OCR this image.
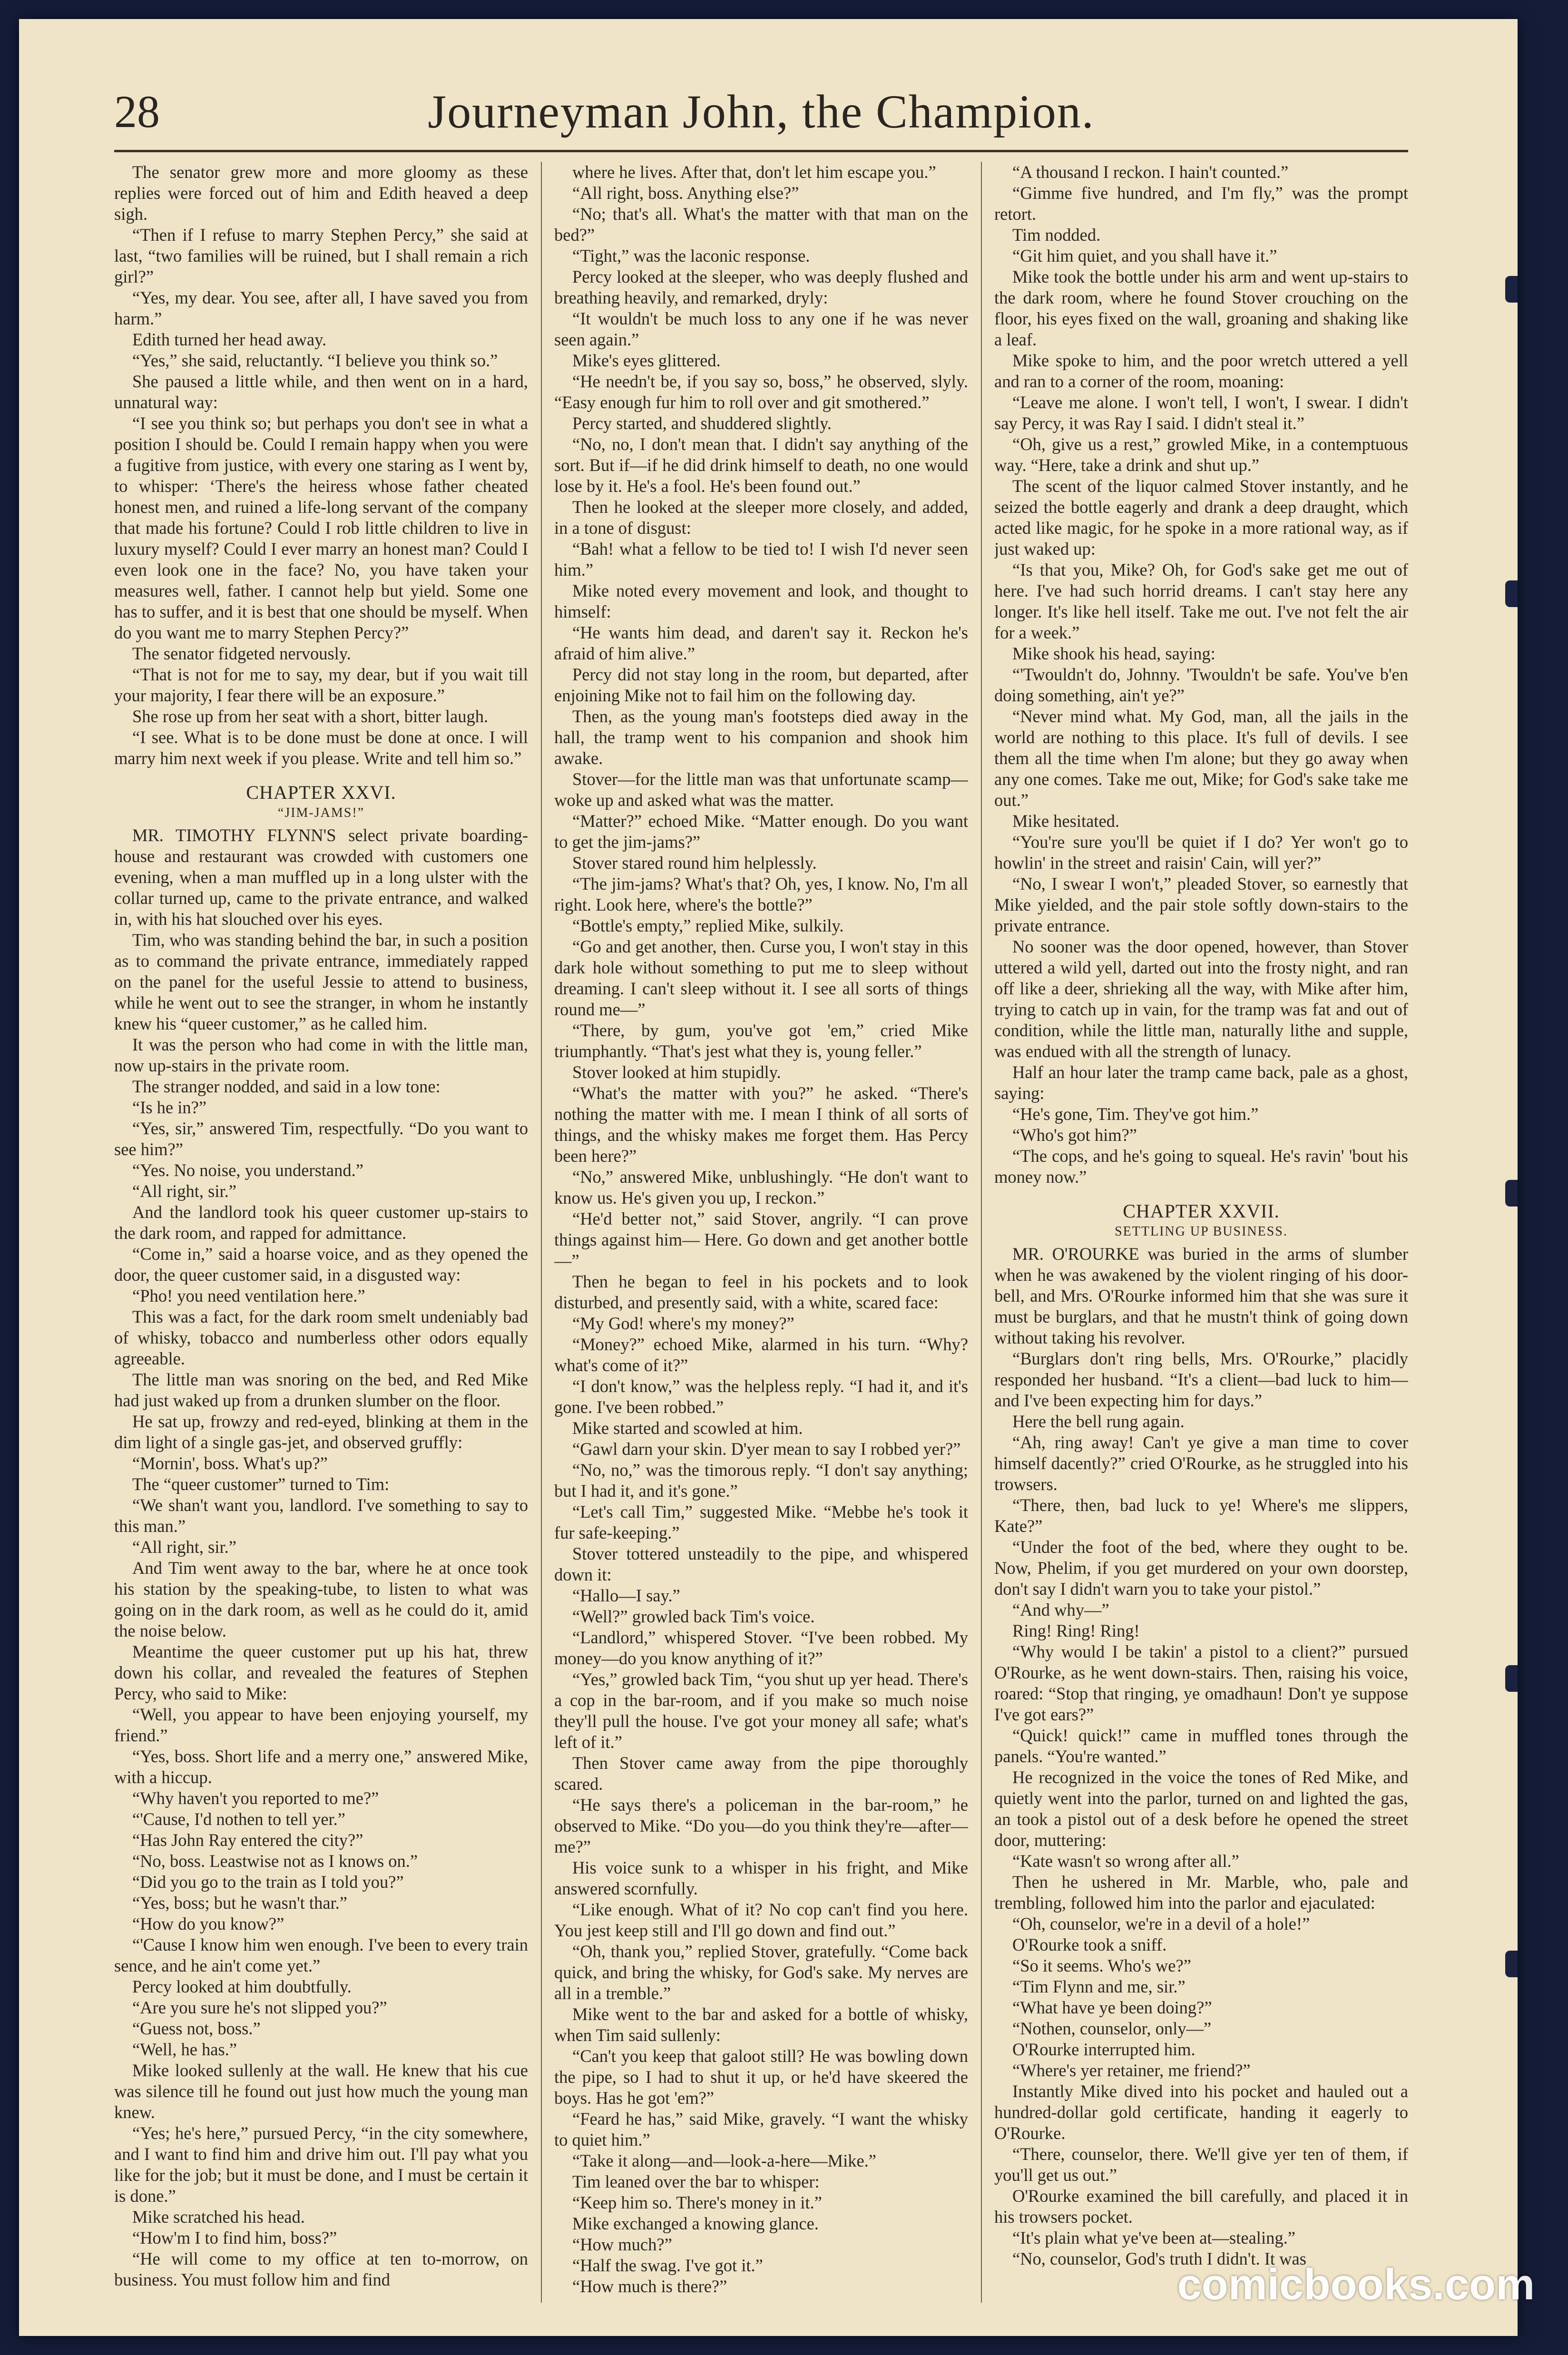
28	Journeyman John, the Champion.

The senator grew more and more gloomy as these replies were forced out of him and Edith heaved a deep sigh.

“Then if I refuse to marry Stephen Percy,” she said at last, “two families will be ruined, but I shall remain a rich girl?”

“Yes, my dear. You see, after all, I have saved you from harm.”

Edith turned her head away.

“Yes,” she said, reluctantly. “I believe you think so.”

She paused a little while, and then went on in a hard, unnatural way:

“I see you think so; but perhaps you don't see in what a position I should be. Could I remain happy when you were a fugitive from justice, with every one staring as I went by, to whisper: ‘There's the heiress whose father cheated honest men, and ruined a life-long servant of the company that made his fortune? Could I rob little children to live in luxury myself? Could I ever marry an honest man? Could I even look one in the face? No, you have taken your measures well, father. I cannot help but yield. Some one has to suffer, and it is best that one should be myself. When do you want me to marry Stephen Percy?”

The senator fidgeted nervously.

“That is not for me to say, my dear, but if you wait till your majority, I fear there will be an exposure.”

She rose up from her seat with a short, bitter laugh.

“I see. What is to be done must be done at once. I will marry him next week if you please. Write and tell him so.”

CHAPTER XXVI.
“JIM-JAMS!”

MR. TIMOTHY FLYNN'S select private boarding-house and restaurant was crowded with customers one evening, when a man muffled up in a long ulster with the collar turned up, came to the private entrance, and walked in, with his hat slouched over his eyes.

Tim, who was standing behind the bar, in such a position as to command the private entrance, immediately rapped on the panel for the useful Jessie to attend to business, while he went out to see the stranger, in whom he instantly knew his “queer customer,” as he called him.

It was the person who had come in with the little man, now up-stairs in the private room.

The stranger nodded, and said in a low tone:

“Is he in?”

“Yes, sir,” answered Tim, respectfully. “Do you want to see him?”

“Yes. No noise, you understand.”

“All right, sir.”

And the landlord took his queer customer up-stairs to the dark room, and rapped for admittance.

“Come in,” said a hoarse voice, and as they opened the door, the queer customer said, in a disgusted way:

“Pho! you need ventilation here.”

This was a fact, for the dark room smelt undeniably bad of whisky, tobacco and numberless other odors equally agreeable.

The little man was snoring on the bed, and Red Mike had just waked up from a drunken slumber on the floor.

He sat up, frowzy and red-eyed, blinking at them in the dim light of a single gas-jet, and observed gruffly:

“Mornin', boss. What's up?”

The “queer customer” turned to Tim:

“We shan't want you, landlord. I've something to say to this man.”

“All right, sir.”

And Tim went away to the bar, where he at once took his station by the speaking-tube, to listen to what was going on in the dark room, as well as he could do it, amid the noise below.

Meantime the queer customer put up his hat, threw down his collar, and revealed the features of Stephen Percy, who said to Mike:

“Well, you appear to have been enjoying yourself, my friend.”

“Yes, boss. Short life and a merry one,” answered Mike, with a hiccup.

“Why haven't you reported to me?”

“'Cause, I'd nothen to tell yer.”

“Has John Ray entered the city?”

“No, boss. Leastwise not as I knows on.”

“Did you go to the train as I told you?”

“Yes, boss; but he wasn't thar.”

“How do you know?”

“'Cause I know him wen enough. I've been to every train sence, and he ain't come yet.”

Percy looked at him doubtfully.

“Are you sure he's not slipped you?”

“Guess not, boss.”

“Well, he has.”

Mike looked sullenly at the wall. He knew that his cue was silence till he found out just how much the young man knew.

“Yes; he's here,” pursued Percy, “in the city somewhere, and I want to find him and drive him out. I'll pay what you like for the job; but it must be done, and I must be certain it is done.”

Mike scratched his head.

“How'm I to find him, boss?”

“He will come to my office at ten to-morrow, on business. You must follow him and find

where he lives. After that, don't let him escape you.”

“All right, boss. Anything else?”

“No; that's all. What's the matter with that man on the bed?”

“Tight,” was the laconic response.

Percy looked at the sleeper, who was deeply flushed and breathing heavily, and remarked, dryly:

“It wouldn't be much loss to any one if he was never seen again.”

Mike's eyes glittered.

“He needn't be, if you say so, boss,” he observed, slyly. “Easy enough fur him to roll over and git smothered.”

Percy started, and shuddered slightly.

“No, no, I don't mean that. I didn't say anything of the sort. But if—if he did drink himself to death, no one would lose by it. He's a fool. He's been found out.”

Then he looked at the sleeper more closely, and added, in a tone of disgust:

“Bah! what a fellow to be tied to! I wish I'd never seen him.”

Mike noted every movement and look, and thought to himself:

“He wants him dead, and daren't say it. Reckon he's afraid of him alive.”

Percy did not stay long in the room, but departed, after enjoining Mike not to fail him on the following day.

Then, as the young man's footsteps died away in the hall, the tramp went to his companion and shook him awake.

Stover—for the little man was that unfortunate scamp—woke up and asked what was the matter.

“Matter?” echoed Mike. “Matter enough. Do you want to get the jim-jams?”

Stover stared round him helplessly.

“The jim-jams? What's that? Oh, yes, I know. No, I'm all right. Look here, where's the bottle?”

“Bottle's empty,” replied Mike, sulkily.

“Go and get another, then. Curse you, I won't stay in this dark hole without something to put me to sleep without dreaming. I can't sleep without it. I see all sorts of things round me—”

“There, by gum, you've got 'em,” cried Mike triumphantly. “That's jest what they is, young feller.”

Stover looked at him stupidly.

“What's the matter with you?” he asked. “There's nothing the matter with me. I mean I think of all sorts of things, and the whisky makes me forget them. Has Percy been here?”

“No,” answered Mike, unblushingly. “He don't want to know us. He's given you up, I reckon.”

“He'd better not,” said Stover, angrily. “I can prove things against him— Here. Go down and get another bottle—”

Then he began to feel in his pockets and to look disturbed, and presently said, with a white, scared face:

“My God! where's my money?”

“Money?” echoed Mike, alarmed in his turn. “Why? what's come of it?”

“I don't know,” was the helpless reply. “I had it, and it's gone. I've been robbed.”

Mike started and scowled at him.

“Gawl darn your skin. D'yer mean to say I robbed yer?”

“No, no,” was the timorous reply. “I don't say anything; but I had it, and it's gone.”

“Let's call Tim,” suggested Mike. “Mebbe he's took it fur safe-keeping.”

Stover tottered unsteadily to the pipe, and whispered down it:

“Hallo—I say.”

“Well?” growled back Tim's voice.

“Landlord,” whispered Stover. “I've been robbed. My money—do you know anything of it?”

“Yes,” growled back Tim, “you shut up yer head. There's a cop in the bar-room, and if you make so much noise they'll pull the house. I've got your money all safe; what's left of it.”

Then Stover came away from the pipe thoroughly scared.

“He says there's a policeman in the bar-room,” he observed to Mike. “Do you—do you think they're—after—me?”

His voice sunk to a whisper in his fright, and Mike answered scornfully.

“Like enough. What of it? No cop can't find you here. You jest keep still and I'll go down and find out.”

“Oh, thank you,” replied Stover, gratefully. “Come back quick, and bring the whisky, for God's sake. My nerves are all in a tremble.”

Mike went to the bar and asked for a bottle of whisky, when Tim said sullenly:

“Can't you keep that galoot still? He was bowling down the pipe, so I had to shut it up, or he'd have skeered the boys. Has he got 'em?”

“Feard he has,” said Mike, gravely. “I want the whisky to quiet him.”

“Take it along—and—look-a-here—Mike.”

Tim leaned over the bar to whisper:

“Keep him so. There's money in it.”

Mike exchanged a knowing glance.

“How much?”

“Half the swag. I've got it.”

“How much is there?”

“A thousand I reckon. I hain't counted.”

“Gimme five hundred, and I'm fly,” was the prompt retort.

Tim nodded.

“Git him quiet, and you shall have it.”

Mike took the bottle under his arm and went up-stairs to the dark room, where he found Stover crouching on the floor, his eyes fixed on the wall, groaning and shaking like a leaf.

Mike spoke to him, and the poor wretch uttered a yell and ran to a corner of the room, moaning:

“Leave me alone. I won't tell, I won't, I swear. I didn't say Percy, it was Ray I said. I didn't steal it.”

“Oh, give us a rest,” growled Mike, in a contemptuous way. “Here, take a drink and shut up.”

The scent of the liquor calmed Stover instantly, and he seized the bottle eagerly and drank a deep draught, which acted like magic, for he spoke in a more rational way, as if just waked up:

“Is that you, Mike? Oh, for God's sake get me out of here. I've had such horrid dreams. I can't stay here any longer. It's like hell itself. Take me out. I've not felt the air for a week.”

Mike shook his head, saying:

“'Twouldn't do, Johnny. 'Twouldn't be safe. You've b'en doing something, ain't ye?”

“Never mind what. My God, man, all the jails in the world are nothing to this place. It's full of devils. I see them all the time when I'm alone; but they go away when any one comes. Take me out, Mike; for God's sake take me out.”

Mike hesitated.

“You're sure you'll be quiet if I do? Yer won't go to howlin' in the street and raisin' Cain, will yer?”

“No, I swear I won't,” pleaded Stover, so earnestly that Mike yielded, and the pair stole softly down-stairs to the private entrance.

No sooner was the door opened, however, than Stover uttered a wild yell, darted out into the frosty night, and ran off like a deer, shrieking all the way, with Mike after him, trying to catch up in vain, for the tramp was fat and out of condition, while the little man, naturally lithe and supple, was endued with all the strength of lunacy.

Half an hour later the tramp came back, pale as a ghost, saying:

“He's gone, Tim. They've got him.”

“Who's got him?”

“The cops, and he's going to squeal. He's ravin' 'bout his money now.”

CHAPTER XXVII.
SETTLING UP BUSINESS.

MR. O'ROURKE was buried in the arms of slumber when he was awakened by the violent ringing of his door-bell, and Mrs. O'Rourke informed him that she was sure it must be burglars, and that he mustn't think of going down without taking his revolver.

“Burglars don't ring bells, Mrs. O'Rourke,” placidly responded her husband. “It's a client—bad luck to him—and I've been expecting him for days.”

Here the bell rung again.

“Ah, ring away! Can't ye give a man time to cover himself dacently?” cried O'Rourke, as he struggled into his trowsers.

“There, then, bad luck to ye! Where's me slippers, Kate?”

“Under the foot of the bed, where they ought to be. Now, Phelim, if you get murdered on your own doorstep, don't say I didn't warn you to take your pistol.”

“And why—”

Ring! Ring! Ring!

“Why would I be takin' a pistol to a client?” pursued O'Rourke, as he went down-stairs. Then, raising his voice, roared: “Stop that ringing, ye omadhaun! Don't ye suppose I've got ears?”

“Quick! quick!” came in muffled tones through the panels. “You're wanted.”

He recognized in the voice the tones of Red Mike, and quietly went into the parlor, turned on and lighted the gas, an took a pistol out of a desk before he opened the street door, muttering:

“Kate wasn't so wrong after all.”

Then he ushered in Mr. Marble, who, pale and trembling, followed him into the parlor and ejaculated:

“Oh, counselor, we're in a devil of a hole!”

O'Rourke took a sniff.

“So it seems. Who's we?”

“Tim Flynn and me, sir.”

“What have ye been doing?”

“Nothen, counselor, only—”

O'Rourke interrupted him.

“Where's yer retainer, me friend?”

Instantly Mike dived into his pocket and hauled out a hundred-dollar gold certificate, handing it eagerly to O'Rourke.

“There, counselor, there. We'll give yer ten of them, if you'll get us out.”

O'Rourke examined the bill carefully, and placed it in his trowsers pocket.

“It's plain what ye've been at—stealing.”

“No, counselor, God's truth I didn't. It was

comicbooks.com
